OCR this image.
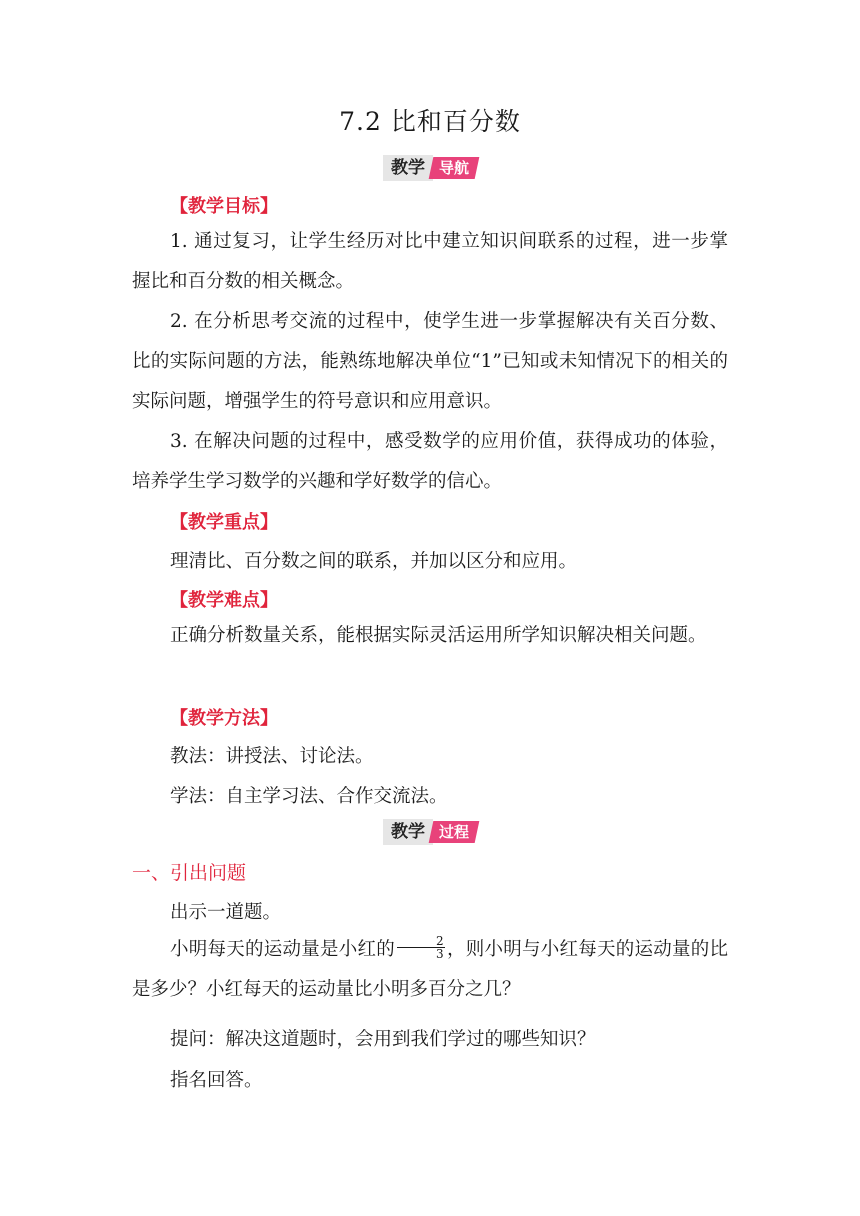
7.2 比和百分数
教学 导航
【教学目标】

1. 通过复习，让学生经历对比中建立知识间联系的过程，进一步掌握比和百分数的相关概念。

2. 在分析思考交流的过程中，使学生进一步掌握解决有关百分数、比的实际问题的方法，能熟练地解决单位“1”已知或未知情况下的相关的实际问题，增强学生的符号意识和应用意识。

3. 在解决问题的过程中，感受数学的应用价值，获得成功的体验，培养学生学习数学的兴趣和学好数学的信心。

【教学重点】
理清比、百分数之间的联系，并加以区分和应用。
【教学难点】

正确分析数量关系，能根据实际灵活运用所学知识解决相关问题。

【教学方法】
教法：讲授法、讨论法。
学法：自主学习法、合作交流法。
教学 过程
一、引出问题
出示一道题。

小明每天的运动量是小红的 $\frac{2}{3}$ ，则小明与小红每天的运动量的比是多少？小红每天的运动量比小明多百分之几？

提问：解决这道题时，会用到我们学过的哪些知识？
指名回答。
